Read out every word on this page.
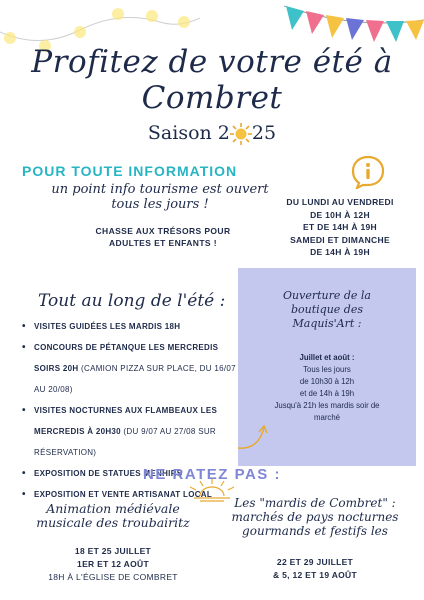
Profitez de votre été à
Combret
Saison 2 25
POUR TOUTE INFORMATION
un point info tourisme est ouvert tous les jours !
CHASSE AUX TRÉSORS POUR
ADULTES ET ENFANTS !
DU LUNDI AU VENDREDI
DE 10H À 12H
ET DE 14H À 19H
SAMEDI ET DIMANCHE
DE 14H À 19H
Tout au long de l'été :
• VISITES GUIDÉES LES MARDIS 18H
• CONCOURS DE PÉTANQUE LES MERCREDIS SOIRS 20H (CAMION PIZZA SUR PLACE, DU 16/07 AU 20/08)
• VISITES NOCTURNES AUX FLAMBEAUX LES MERCREDIS À 20H30 (DU 9/07 AU 27/08 SUR RÉSERVATION)
• EXPOSITION DE STATUES MENHIRS
• EXPOSITION ET VENTE ARTISANAT LOCAL
Ouverture de la
boutique des
Maquis'Art :
Juillet et août :
Tous les jours
de 10h30 à 12h
et de 14h à 19h
Jusqu'à 21h les mardis soir de
marché
NE RATEZ PAS :
Animation médiévale
musicale des troubairitz
18 ET 25 JUILLET
1ER ET 12 AOÛT
18H À L'ÉGLISE DE COMBRET
Les "mardis de Combret" :
marchés de pays nocturnes
gourmands et festifs les
22 ET 29 JUILLET
& 5, 12 ET 19 AOÛT
